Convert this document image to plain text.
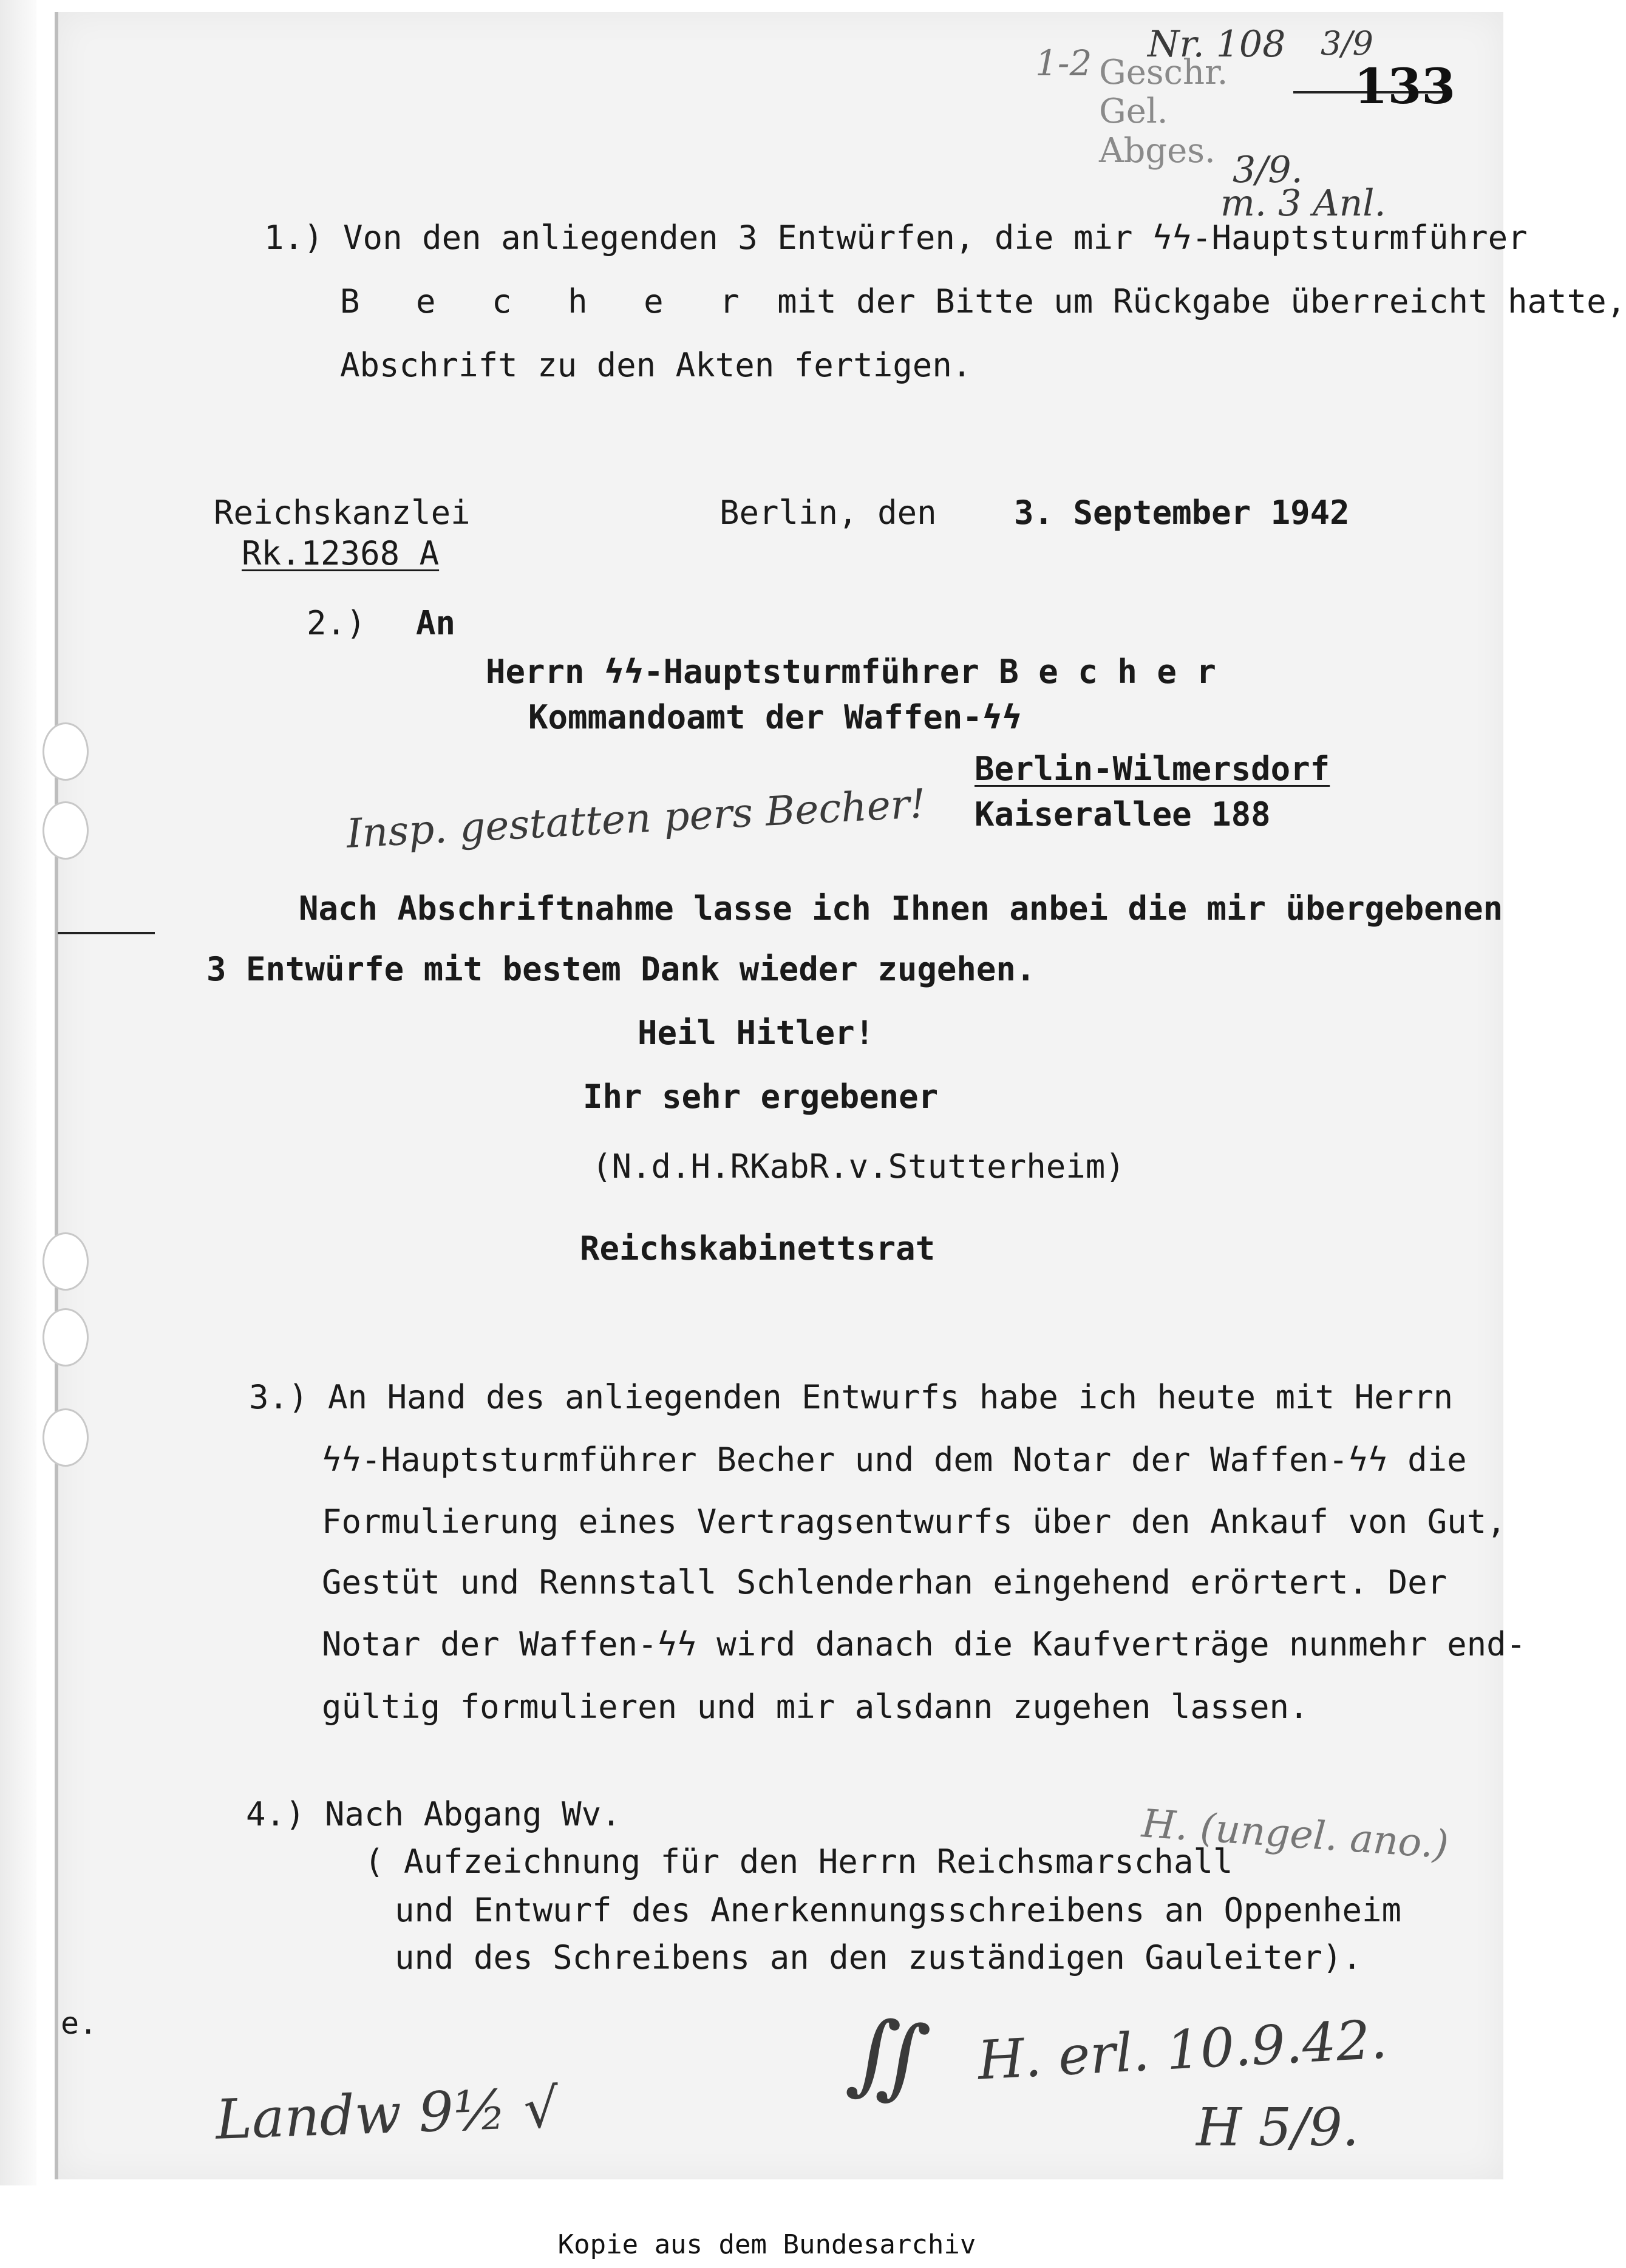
Geschr.
Gel.
Abges.
Nr. 108
1-2	3/9
133
3/9.
m. 3 Anl.
1.) Von den anliegenden 3 Entwürfen, die mir ϟϟ-Hauptsturmführer
B e c h e r mit der Bitte um Rückgabe überreicht hatte,
Abschrift zu den Akten fertigen.
Reichskanzlei
Rk.12368 A
Berlin, den 3. September 1942
2.) An
Herrn ϟϟ-Hauptsturmführer B e c h e r
Kommandoamt der Waffen-ϟϟ
Berlin-Wilmersdorf
Kaiserallee 188
Insp. gestatten pers Becher!
Nach Abschriftnahme lasse ich Ihnen anbei die mir übergebenen
3 Entwürfe mit bestem Dank wieder zugehen.
Heil Hitler!
Ihr sehr ergebener
(N.d.H.RKabR.v.Stutterheim)
Reichskabinettsrat
3.) An Hand des anliegenden Entwurfs habe ich heute mit Herrn
ϟϟ-Hauptsturmführer Becher und dem Notar der Waffen-ϟϟ die
Formulierung eines Vertragsentwurfs über den Ankauf von Gut,
Gestüt und Rennstall Schlenderhan eingehend erörtert. Der
Notar der Waffen-ϟϟ wird danach die Kaufverträge nunmehr end-
gültig formulieren und mir alsdann zugehen lassen.
4.) Nach Abgang Wv.
( Aufzeichnung für den Herrn Reichsmarschall
und Entwurf des Anerkennungsschreibens an Oppenheim
und des Schreibens an den zuständigen Gauleiter).
H. (ungel. ano.)
e.	∬ H. erl. 10.9.42.
Landw 9½ √	H 5/9.
Kopie aus dem Bundesarchiv
